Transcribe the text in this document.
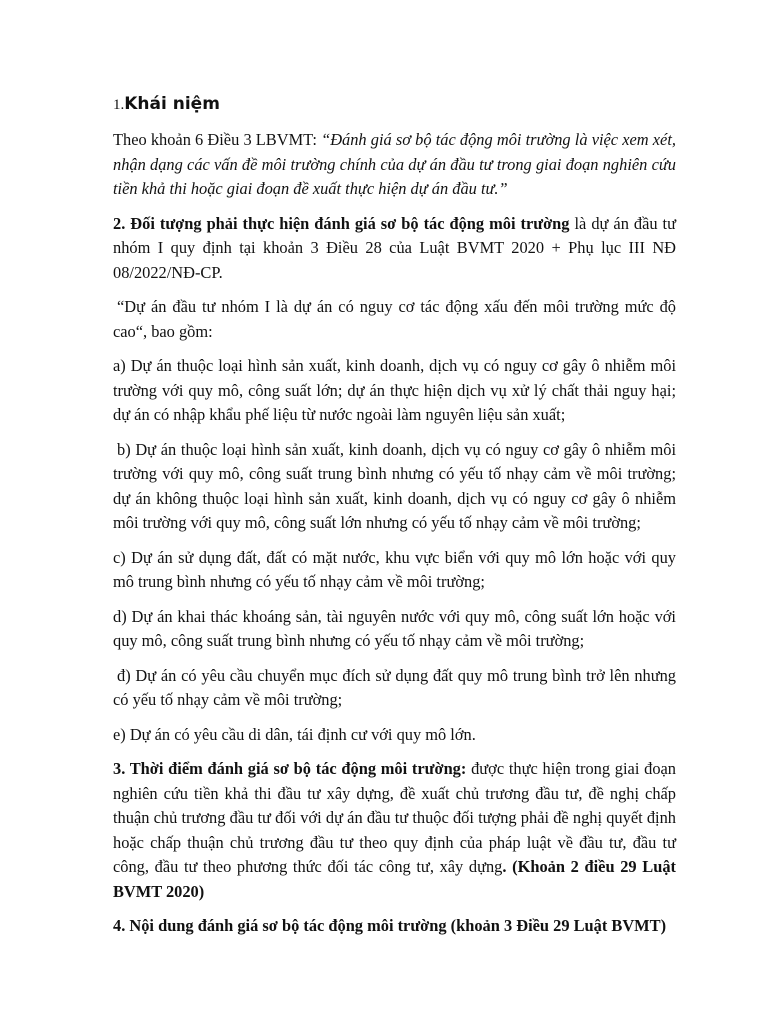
1.Khái niệm

Theo khoản 6 Điều 3 LBVMT: “Đánh giá sơ bộ tác động môi trường là việc xem xét, nhận dạng các vấn đề môi trường chính của dự án đầu tư trong giai đoạn nghiên cứu tiền khả thi hoặc giai đoạn đề xuất thực hiện dự án đầu tư.”

2. Đối tượng phải thực hiện đánh giá sơ bộ tác động môi trường là dự án đầu tư nhóm I quy định tại khoản 3 Điều 28 của Luật BVMT 2020 + Phụ lục III NĐ 08/2022/NĐ-CP.

“Dự án đầu tư nhóm I là dự án có nguy cơ tác động xấu đến môi trường mức độ cao“, bao gồm:

a) Dự án thuộc loại hình sản xuất, kinh doanh, dịch vụ có nguy cơ gây ô nhiễm môi trường với quy mô, công suất lớn; dự án thực hiện dịch vụ xử lý chất thải nguy hại; dự án có nhập khẩu phế liệu từ nước ngoài làm nguyên liệu sản xuất;

b) Dự án thuộc loại hình sản xuất, kinh doanh, dịch vụ có nguy cơ gây ô nhiễm môi trường với quy mô, công suất trung bình nhưng có yếu tố nhạy cảm về môi trường; dự án không thuộc loại hình sản xuất, kinh doanh, dịch vụ có nguy cơ gây ô nhiễm môi trường với quy mô, công suất lớn nhưng có yếu tố nhạy cảm về môi trường;

c) Dự án sử dụng đất, đất có mặt nước, khu vực biển với quy mô lớn hoặc với quy mô trung bình nhưng có yếu tố nhạy cảm về môi trường;

d) Dự án khai thác khoáng sản, tài nguyên nước với quy mô, công suất lớn hoặc với quy mô, công suất trung bình nhưng có yếu tố nhạy cảm về môi trường;

đ) Dự án có yêu cầu chuyển mục đích sử dụng đất quy mô trung bình trở lên nhưng có yếu tố nhạy cảm về môi trường;

e) Dự án có yêu cầu di dân, tái định cư với quy mô lớn.

3. Thời điểm đánh giá sơ bộ tác động môi trường: được thực hiện trong giai đoạn nghiên cứu tiền khả thi đầu tư xây dựng, đề xuất chủ trương đầu tư, đề nghị chấp thuận chủ trương đầu tư đối với dự án đầu tư thuộc đối tượng phải đề nghị quyết định hoặc chấp thuận chủ trương đầu tư theo quy định của pháp luật về đầu tư, đầu tư công, đầu tư theo phương thức đối tác công tư, xây dựng. (Khoản 2 điều 29 Luật BVMT 2020)

4. Nội dung đánh giá sơ bộ tác động môi trường (khoản 3 Điều 29 Luật BVMT)
